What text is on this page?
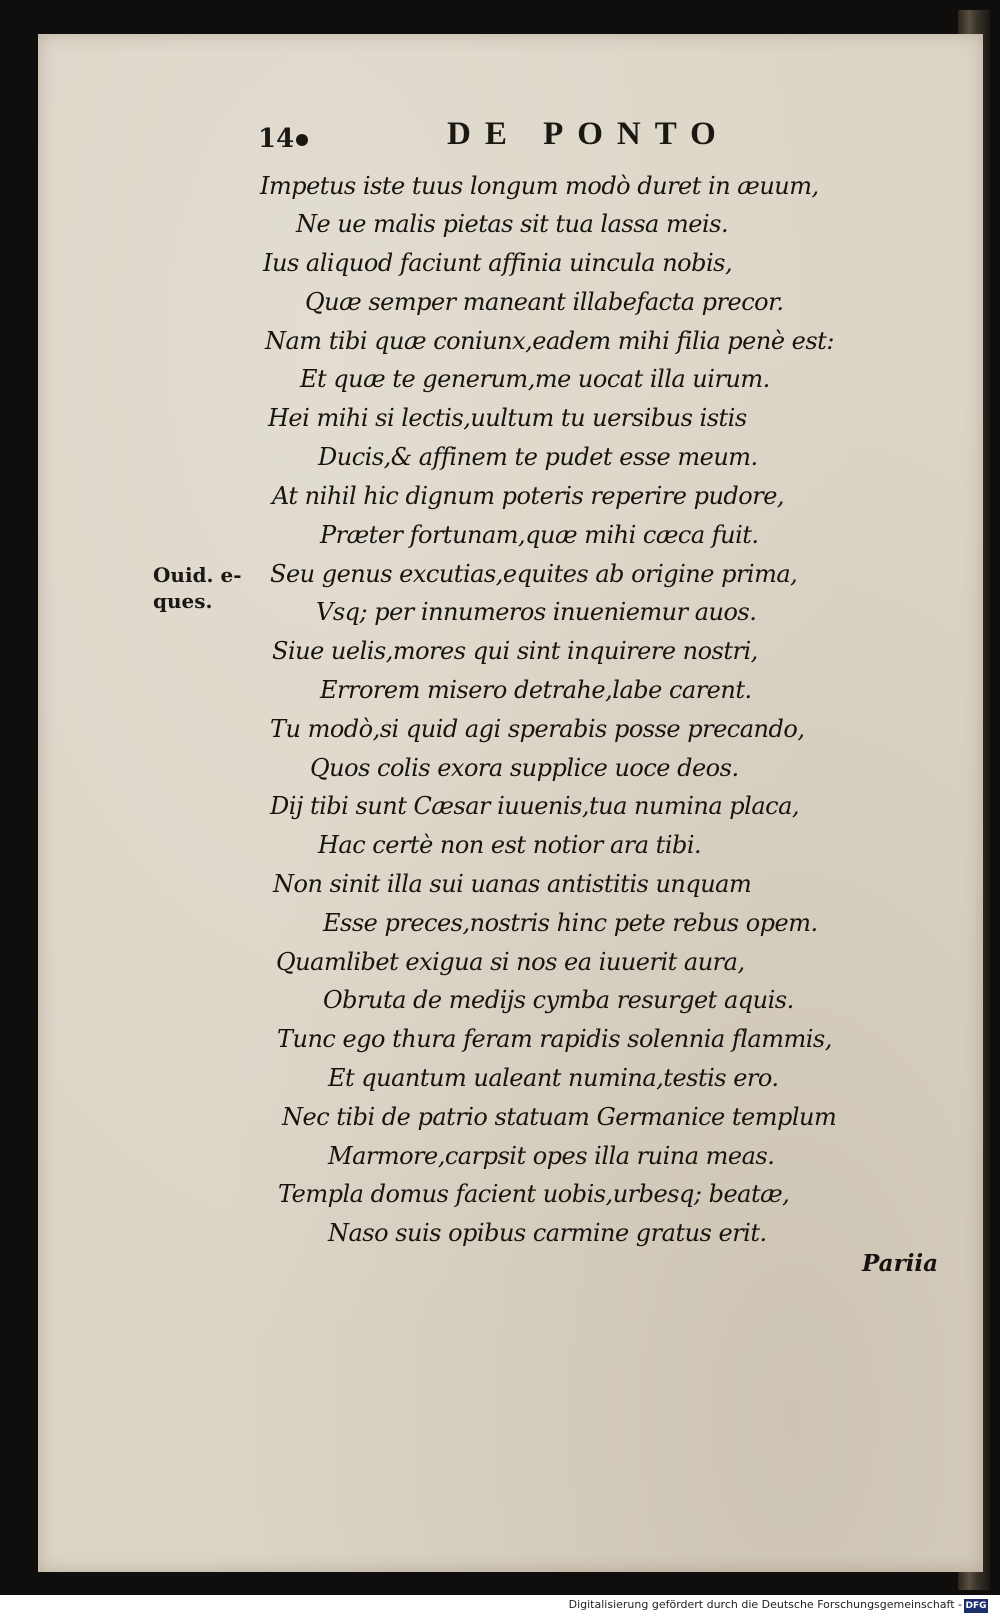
14	DE PONTO
Ouid. e-
ques.
Impetus iste tuus longum modò duret in æuum,
Ne ue malis pietas sit tua lassa meis.
Ius aliquod faciunt affinia uincula nobis,
Quæ semper maneant illabefacta precor.
Nam tibi quæ coniunx,eadem mihi filia penè est:
Et quæ te generum,me uocat illa uirum.
Hei mihi si lectis,uultum tu uersibus istis
Ducis,& affinem te pudet esse meum.
At nihil hic dignum poteris reperire pudore,
Præter fortunam,quæ mihi cæca fuit.
Seu genus excutias,equites ab origine prima,
Vsq; per innumeros inueniemur auos.
Siue uelis,mores qui sint inquirere nostri,
Errorem misero detrahe,labe carent.
Tu modò,si quid agi sperabis posse precando,
Quos colis exora supplice uoce deos.
Dij tibi sunt Cæsar iuuenis,tua numina placa,
Hac certè non est notior ara tibi.
Non sinit illa sui uanas antistitis unquam
Esse preces,nostris hinc pete rebus opem.
Quamlibet exigua si nos ea iuuerit aura,
Obruta de medijs cymba resurget aquis.
Tunc ego thura feram rapidis solennia flammis,
Et quantum ualeant numina,testis ero.
Nec tibi de patrio statuam Germanice templum
Marmore,carpsit opes illa ruina meas.
Templa domus facient uobis,urbesq; beatæ,
Naso suis opibus carmine gratus erit.
Pariia
Digitalisierung gefördert durch die Deutsche Forschungsgemeinschaft - DFG
